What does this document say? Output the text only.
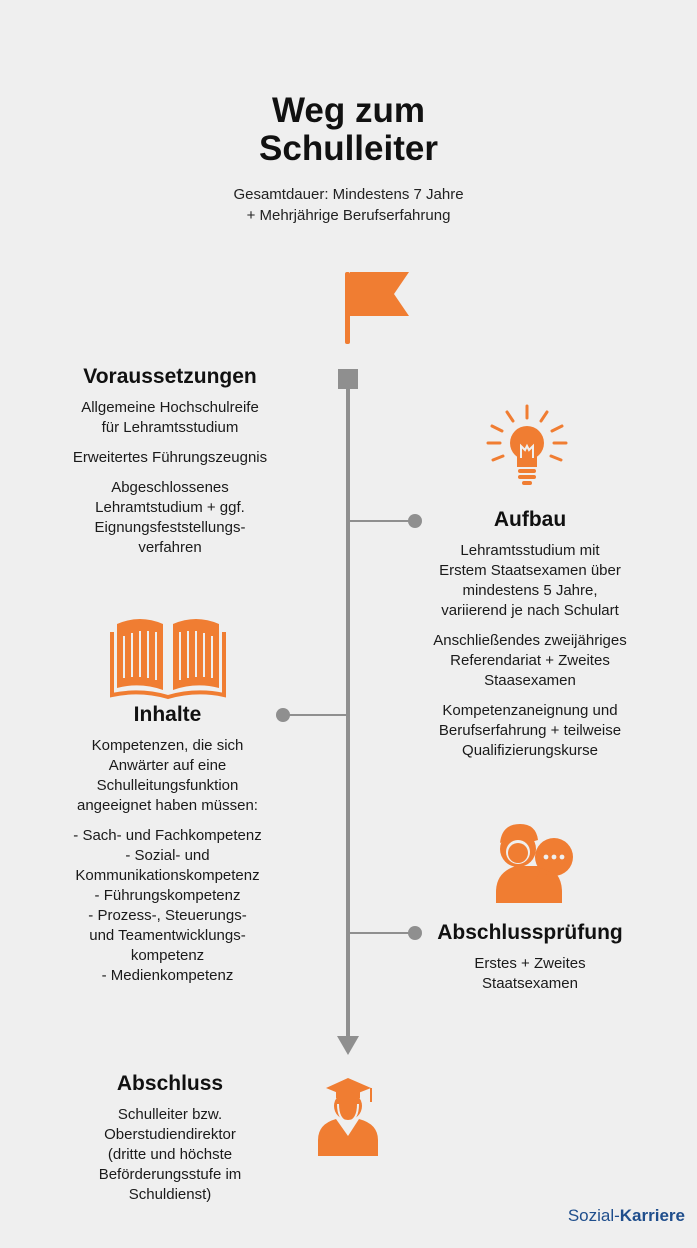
Weg zum
Schulleiter
Gesamtdauer: Mindestens 7 Jahre
+ Mehrjährige Berufserfahrung
Voraussetzungen

Allgemeine Hochschulreife
für Lehramtsstudium

Erweitertes Führungszeugnis

Abgeschlossenes
Lehramtstudium + ggf.
Eignungsfeststellungs-
verfahren

Aufbau

Lehramtsstudium mit
Erstem Staatsexamen über
mindestens 5 Jahre,
variierend je nach Schulart

Anschließendes zweijähriges
Referendariat + Zweites
Staasexamen

Kompetenzaneignung und
Berufserfahrung + teilweise
Qualifizierungskurse

Inhalte

Kompetenzen, die sich
Anwärter auf eine
Schulleitungsfunktion
angeeignet haben müssen:

- Sach- und Fachkompetenz
- Sozial- und
Kommunikationskompetenz
- Führungskompetenz
- Prozess-, Steuerungs-
und Teamentwicklungs-
kompetenz
- Medienkompetenz

Abschlussprüfung

Erstes + Zweites
Staatsexamen

Abschluss

Schulleiter bzw.
Oberstudiendirektor
(dritte und höchste
Beförderungsstufe im
Schuldienst)

Sozial-Karriere
